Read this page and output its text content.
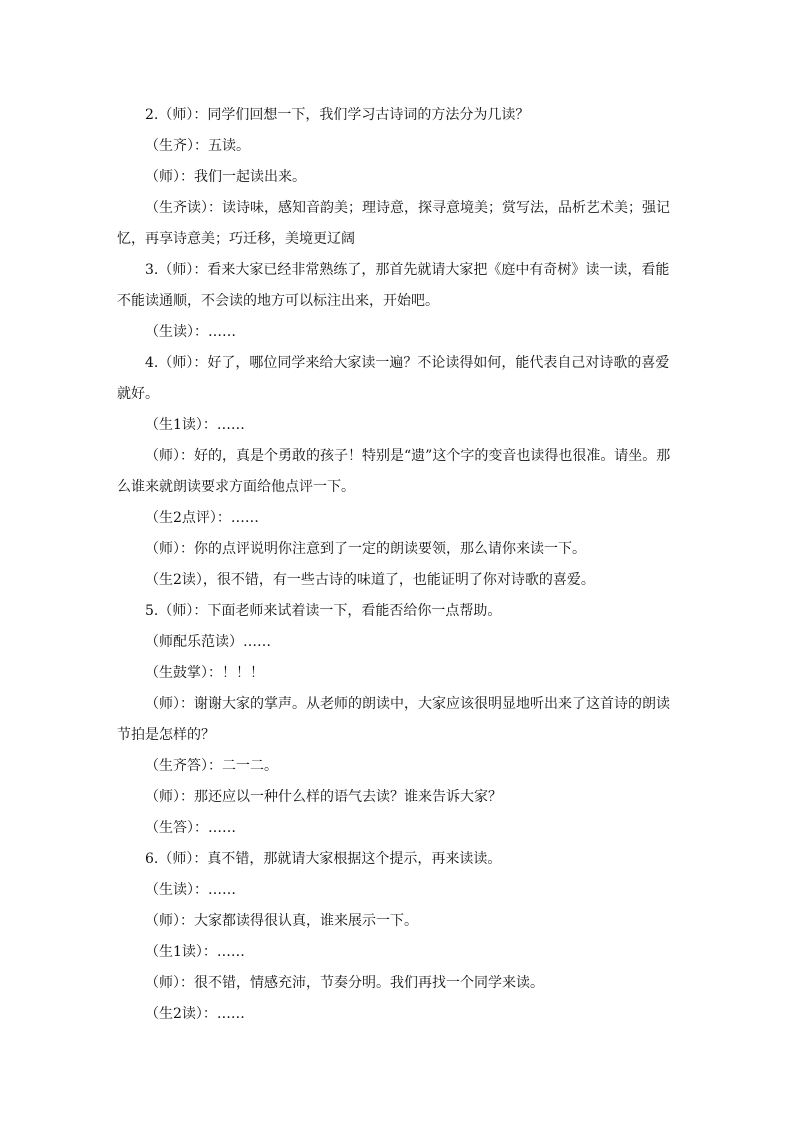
2.（师）：同学们回想一下，我们学习古诗词的方法分为几读？

（生齐）：五读。

（师）：我们一起读出来。

（生齐读）：读诗味，感知音韵美；理诗意，探寻意境美；赏写法，品析艺术美；强记忆，再享诗意美；巧迁移，美境更辽阔

3.（师）：看来大家已经非常熟练了，那首先就请大家把《庭中有奇树》读一读，看能不能读通顺，不会读的地方可以标注出来，开始吧。

（生读）：……

4.（师）：好了，哪位同学来给大家读一遍？不论读得如何，能代表自己对诗歌的喜爱就好。

（生1读）：……

（师）：好的，真是个勇敢的孩子！特别是“遗”这个字的变音也读得也很准。请坐。那么谁来就朗读要求方面给他点评一下。

（生2点评）：……

（师）：你的点评说明你注意到了一定的朗读要领，那么请你来读一下。

（生2读），很不错，有一些古诗的味道了，也能证明了你对诗歌的喜爱。

5.（师）：下面老师来试着读一下，看能否给你一点帮助。

（师配乐范读）……

（生鼓掌）：！！！

（师）：谢谢大家的掌声。从老师的朗读中，大家应该很明显地听出来了这首诗的朗读节拍是怎样的？

（生齐答）：二一二。

（师）：那还应以一种什么样的语气去读？谁来告诉大家？

（生答）：……

6.（师）：真不错，那就请大家根据这个提示，再来读读。

（生读）：……

（师）：大家都读得很认真，谁来展示一下。

（生1读）：……

（师）：很不错，情感充沛，节奏分明。我们再找一个同学来读。

（生2读）：……
